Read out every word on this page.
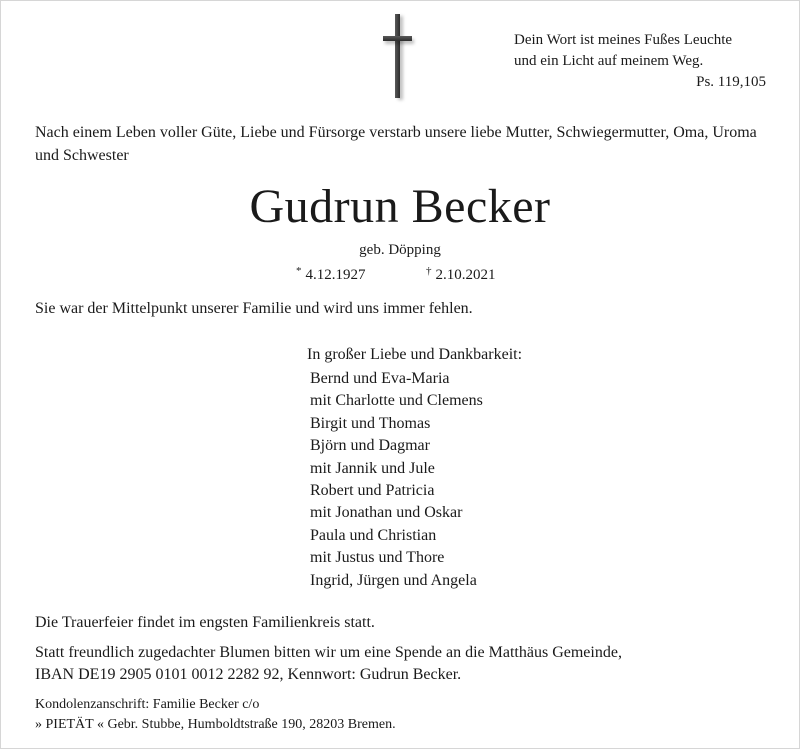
Dein Wort ist meines Fußes Leuchte
und ein Licht auf meinem Weg.
Ps. 119,105
Nach einem Leben voller Güte, Liebe und Fürsorge verstarb unsere liebe Mutter, Schwiegermutter, Oma, Uroma und Schwester
Gudrun Becker
geb. Döpping
* 4.12.1927	† 2.10.2021
Sie war der Mittelpunkt unserer Familie und wird uns immer fehlen.
In großer Liebe und Dankbarkeit:
Bernd und Eva-Maria
mit Charlotte und Clemens
Birgit und Thomas
Björn und Dagmar
mit Jannik und Jule
Robert und Patricia
mit Jonathan und Oskar
Paula und Christian
mit Justus und Thore
Ingrid, Jürgen und Angela
Die Trauerfeier findet im engsten Familienkreis statt.
Statt freundlich zugedachter Blumen bitten wir um eine Spende an die Matthäus Gemeinde,
IBAN DE19 2905 0101 0012 2282 92, Kennwort: Gudrun Becker.
Kondolenzanschrift: Familie Becker c/o
» PIETÄT « Gebr. Stubbe, Humboldtstraße 190, 28203 Bremen.
